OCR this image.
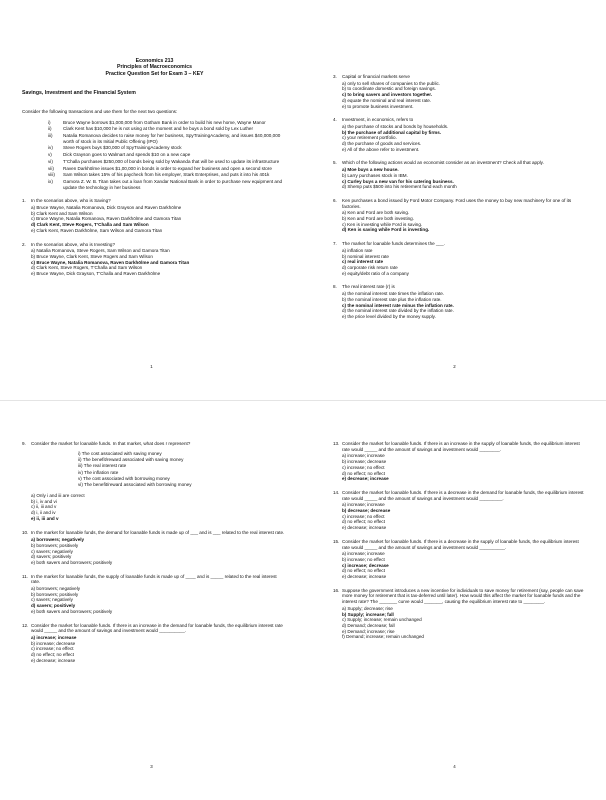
Economics 213
Principles of Macroeconomics
Practice Question Set for Exam 3 – KEY
Savings, Investment and the Financial System
Consider the following transactions and use them for the next two questions:
i)	Bruce Wayne borrows $1,000,000 from Gotham Bank in order to build his new home, Wayne Manor
ii)	Clark Kent has $10,000 he is not using at the moment and he buys a bond sold by Lex Luther
iii)	Natalia Romanova decides to raise money for her business, SpyTrainingAcademy, and issues $40,000,000 worth of stock in its Initial Public Offering (IPO)
iv)	Steve Rogers buys $30,000 of SpyTrainingAcademy stock
v)	Dick Grayson goes to Walmart and spends $10 on a new cape
vi)	T’Challa purchases $250,000 of bonds being sold by Wakanda that will be used to update its infrastructure
vii)	Raven Darkhölme issues $1,00,000 in bonds in order to expand her business and open a second store
viii)	Sam Wilson takes 15% of his paycheck from his employer, Stark Enterprises, and puts it into his 401k
ix)	Gamora Z. W. B. Titan takes out a loan from Xandar National Bank in order to purchase new equipment and update the technology in her business
1.	In the scenarios above, who is Saving?
a) Bruce Wayne, Natalia Romanova, Dick Grayson and Raven Darkhölme
b) Clark Kent and Sam Wilson
c) Bruce Wayne, Natalia Romanova, Raven Darkhölme and Gamora Titan
d) Clark Kent, Steve Rogers, T’Challa and Sam Wilson
e) Clark Kent, Raven Darkhölme, Sam Wilson and Gamora Titan
2.	In the scenarios above, who is Investing?
a) Natalia Romanova, Steve Rogers, Sam Wilson and Gamora Titan
b) Bruce Wayne, Clark Kent, Steve Rogers and Sam Wilson
c) Bruce Wayne, Natalia Romanova, Raven Darkhölme and Gamora Titan
d) Clark Kent, Steve Rogers, T’Challa and Sam Wilson
e) Bruce Wayne, Dick Grayson, T’Challa and Raven Darkhölme
1
3.	Capital or financial markets serve
a) only to sell shares of companies to the public.
b) to coordinate domestic and foreign savings.
c) to bring savers and investors together.
d) equate the nominal and real interest rate.
e) to promote business investment.
4.	Investment, in economics, refers to
a) the purchase of stocks and bonds by households.
b) the purchase of additional capital by firms.
c) your retirement portfolio.
d) the purchase of goods and services.
e) All of the above refer to investment.
5.	Which of the following actions would an economist consider as an investment? Check all that apply.
a) Moe buys a new house.
b) Larry purchases stock in IBM.
c) Curley buys a new van for his catering business.
d) Shemp puts $500 into his retirement fund each month
6.	Ken purchases a bond issued by Ford Motor Company. Ford uses the money to buy new machinery for one of its factories.
a) Ken and Ford are both saving.
b) Ken and Ford are both investing.
c) Ken is investing while Ford is saving.
d) Ken is saving while Ford is investing.
7.	The market for loanable funds determines the ___.
a) inflation rate
b) nominal interest rate
c) real interest rate
d) corporate risk return rate
e) equity/debt ratio of a company
8.	The real interest rate (r) is
a) the nominal interest rate times the inflation rate.
b) the nominal interest rate plus the inflation rate.
c) the nominal interest rate minus the inflation rate.
d) the nominal interest rate divided by the inflation rate.
e) the price level divided by the money supply.
2
9.	Consider the market for loanable funds. In that market, what does r represent?
i) The cost associated with saving money
ii) The benefit/reward associated with saving money
iii) The real interest rate
iv) The inflation rate
v) The cost associated with borrowing money
vi) The benefit/reward associated with borrowing money
a) Only i and iii are correct
b) i, iv and vi
c) ii, iii and v
d) i, ii and iv
e) ii, iii and v
10. In the market for loanable funds, the demand for loanable funds is made up of ___ and is ___ related to the real interest rate.
a) borrowers; negatively
b) borrowers; positively
c) savers; negatively
d) savers; positively
e) both savers and borrowers; positively
11. In the market for loanable funds, the supply of loanable funds is made up of ____ and is _____ related to the real interest rate.
a) borrowers; negatively
b) borrowers; positively
c) savers; negatively
d) savers; positively
e) both savers and borrowers; positively
12. Consider the market for loanable funds. If there is an increase in the demand for loanable funds, the equilibrium interest rate would _____ and the amount of savings and investment would __________.
a) increase; increase
b) increase; decrease
c) increase; no effect
d) no effect; no effect
e) decrease; increase
3
13. Consider the market for loanable funds. If there is an increase in the supply of loanable funds, the equilibrium interest rate would _____ and the amount of savings and investment would ________.
a) increase; increase
b) increase; decrease
c) increase; no effect
d) no effect; no effect
e) decrease; increase
14. Consider the market for loanable funds. If there is a decrease in the demand for loanable funds, the equilibrium interest rate would _____ and the amount of savings and investment would _________.
a) increase; increase
b) decrease; decrease
c) increase; no effect
d) no effect; no effect
e) decrease; increase
15. Consider the market for loanable funds. If there is a decrease in the supply of loanable funds, the equilibrium interest rate would _____ and the amount of savings and investment would __________.
a) increase; increase
b) increase; no effect
c) increase; decrease
d) no effect; no effect
e) decrease; increase
16. Suppose the government introduces a new incentive for individuals to save money for retirement (say, people can save more money for retirement that is tax-deferred until later). How would this affect the market for loanable funds and the interest rate? The _______ curve would _______, causing the equilibrium interest rate to ________.
a) Supply; decrease; rise
b) Supply; increase; fall
c) Supply; increase; remain unchanged
d) Demand; decrease; fall
e) Demand; increase; rise
f) Demand; increase; remain unchanged
4
